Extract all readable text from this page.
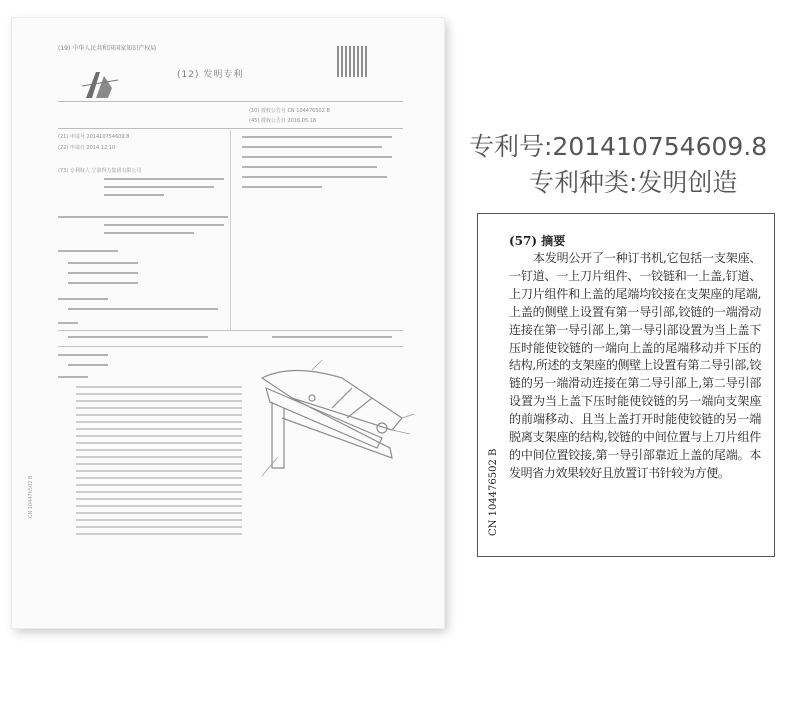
(19) 中华人民共和国国家知识产权局
(12) 发明专利
(10) 授权公告号 CN 104476502 B
(45) 授权公告日 2016.05.18
(21) 申请号 201410754609.8
(22) 申请日 2014.12.10
(73) 专利权人 宁波得力集团有限公司
CN 104476502 B
专利号:201410754609.8
专利种类:发明创造
(57) 摘要
本发明公开了一种订书机,它包括一支架座、一钉道、一上刀片组件、一铰链和一上盖,钉道、上刀片组件和上盖的尾端均铰接在支架座的尾端,上盖的侧壁上设置有第一导引部,铰链的一端滑动连接在第一导引部上,第一导引部设置为当上盖下压时能使铰链的一端向上盖的尾端移动并下压的结构,所述的支架座的侧壁上设置有第二导引部,铰链的另一端滑动连接在第二导引部上,第二导引部设置为当上盖下压时能使铰链的另一端向支架座的前端移动、且当上盖打开时能使铰链的另一端脱离支架座的结构,铰链的中间位置与上刀片组件的中间位置铰接,第一导引部靠近上盖的尾端。本发明省力效果较好且放置订书针较为方便。
CN 104476502 B
